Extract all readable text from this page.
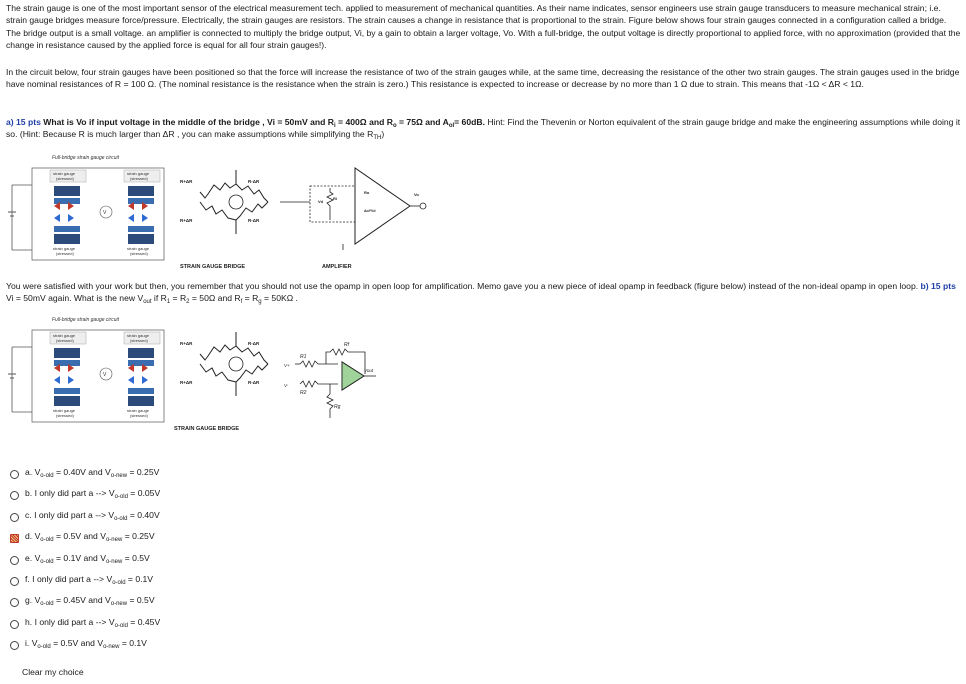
The strain gauge is one of the most important sensor of the electrical measurement tech. applied to measurement of mechanical quantities. As their name indicates, sensor engineers use strain gauge transducers to measure mechanical strain; i.e. strain gauge bridges measure force/pressure. Electrically, the strain gauges are resistors. The strain causes a change in resistance that is proportional to the strain. Figure below shows four strain gauges connected in a configuration called a bridge. The bridge output is a small voltage. an amplifier is connected to multiply the bridge output, Vi, by a gain to obtain a larger voltage, Vo. With a full-bridge, the output voltage is directly proportional to applied force, with no approximation (provided that the change in resistance caused by the applied force is equal for all four strain gauges!).
In the circuit below, four strain gauges have been positioned so that the force will increase the resistance of two of the strain gauges while, at the same time, decreasing the resistance of the other two strain gauges. The strain gauges used in the bridge have nominal resistances of R = 100 Ω. (The nominal resistance is the resistance when the strain is zero.) This resistance is expected to increase or decrease by no more than 1 Ω due to strain. This means that -1Ω < ΔR < 1Ω.
a) 15 pts What is Vo if input voltage in the middle of the bridge , Vi = 50mV and $R_i = 400\Omega$ and $R_o = 75\Omega$ and $A_{ol}= 60dB$. Hint: Find the Thevenin or Norton equivalent of the strain gauge bridge and make the engineering assumptions while doing it so. (Hint: Because R is much larger than ΔR , you can make assumptions while simplifying the $R_{TH}$)
Full-bridge strain gauge circuit
strain gauge
(stressed)
strain gauge
(stressed)
strain gauge
(stressed)
strain gauge
(stressed)
V
R+ΔR	R-ΔR
R-ΔR
R+ΔR
Vd
Ri
Ro
Aol*Vd
Vo
STRAIN GAUGE BRIDGE	AMPLIFIER
You were satisfied with your work but then, you remember that you should not use the opamp in open loop for amplification. Memo gave you a new piece of ideal opamp in feedback (figure below) instead of the non-ideal opamp in open loop. b) 15 pts Vi = 50mV again. What is the new $V_{out}$ if $R_1 = R_2 = 50\Omega$ and $R_f = R_g = 50K\Omega$ .
Full-bridge strain gauge circuit
strain gauge
(stressed)
strain gauge
(stressed)
strain gauge
(stressed)
strain gauge
(stressed)
V
R+ΔR	R-ΔR
R-ΔR
R+ΔR
R1
R2
Rf
Rg
V+
V-
Vout
STRAIN GAUGE BRIDGE
a. $V_{o-old} = 0.40V$ and $V_{o-new} = 0.25V$
b. I only did part a --> $V_{o-old} = 0.05V$
c. I only did part a --> $V_{o-old} = 0.40V$
d. $V_{o-old} = 0.5V$ and $V_{o-new} = 0.25V$
e. $V_{o-old} = 0.1V$ and $V_{o-new} = 0.5V$
f. I only did part a --> $V_{o-old} = 0.1V$
g. $V_{o-old} = 0.45V$ and $V_{o-new} = 0.5V$
h. I only did part a --> $V_{o-old} = 0.45V$
i. $V_{o-old} = 0.5V$ and $V_{o-new} = 0.1V$
Clear my choice
